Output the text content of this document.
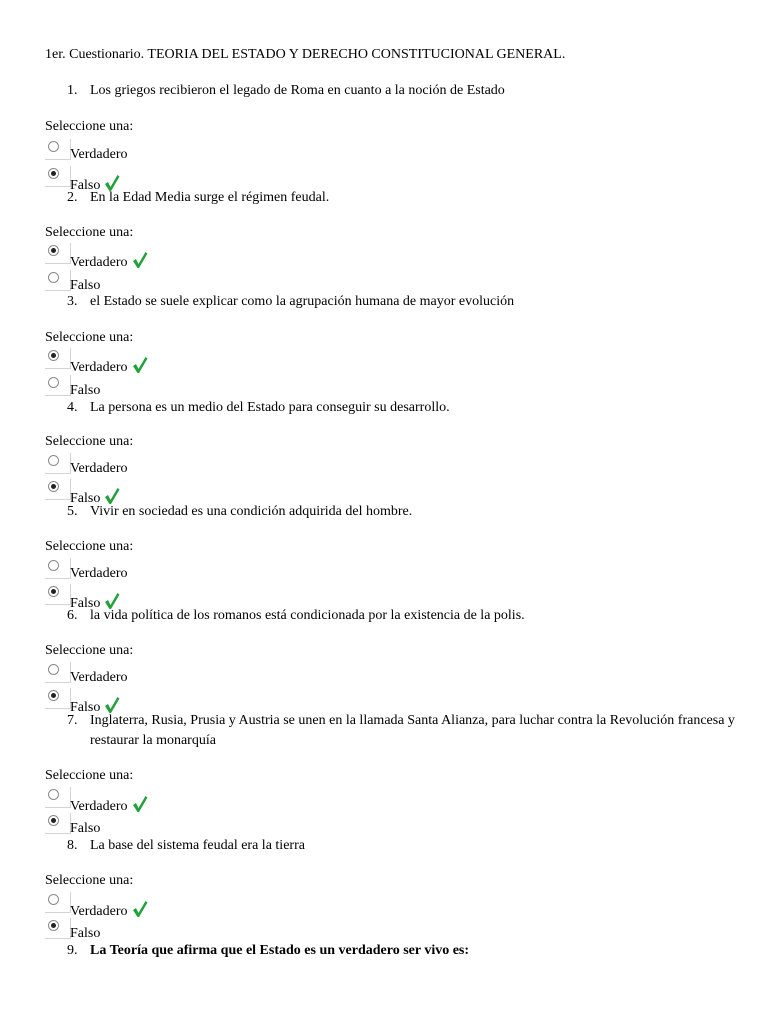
1er. Cuestionario. TEORIA DEL ESTADO Y DERECHO CONSTITUCIONAL GENERAL.
1. Los griegos recibieron el legado de Roma en cuanto a la noción de Estado
Seleccione una:
Verdadero
Falso
2. En la Edad Media surge el régimen feudal.
Seleccione una:
Verdadero
Falso
3. el Estado se suele explicar como la agrupación humana de mayor evolución
Seleccione una:
Verdadero
Falso
4. La persona es un medio del Estado para conseguir su desarrollo.
Seleccione una:
Verdadero
Falso
5. Vivir en sociedad es una condición adquirida del hombre.
Seleccione una:
Verdadero
Falso
6. la vida política de los romanos está condicionada por la existencia de la polis.
Seleccione una:
Verdadero
Falso
7. Inglaterra, Rusia, Prusia y Austria se unen en la llamada Santa Alianza, para luchar contra la Revolución francesa y restaurar la monarquía
Seleccione una:
Verdadero
Falso
8. La base del sistema feudal era la tierra
Seleccione una:
Verdadero
Falso
9. La Teoría que afirma que el Estado es un verdadero ser vivo es:
